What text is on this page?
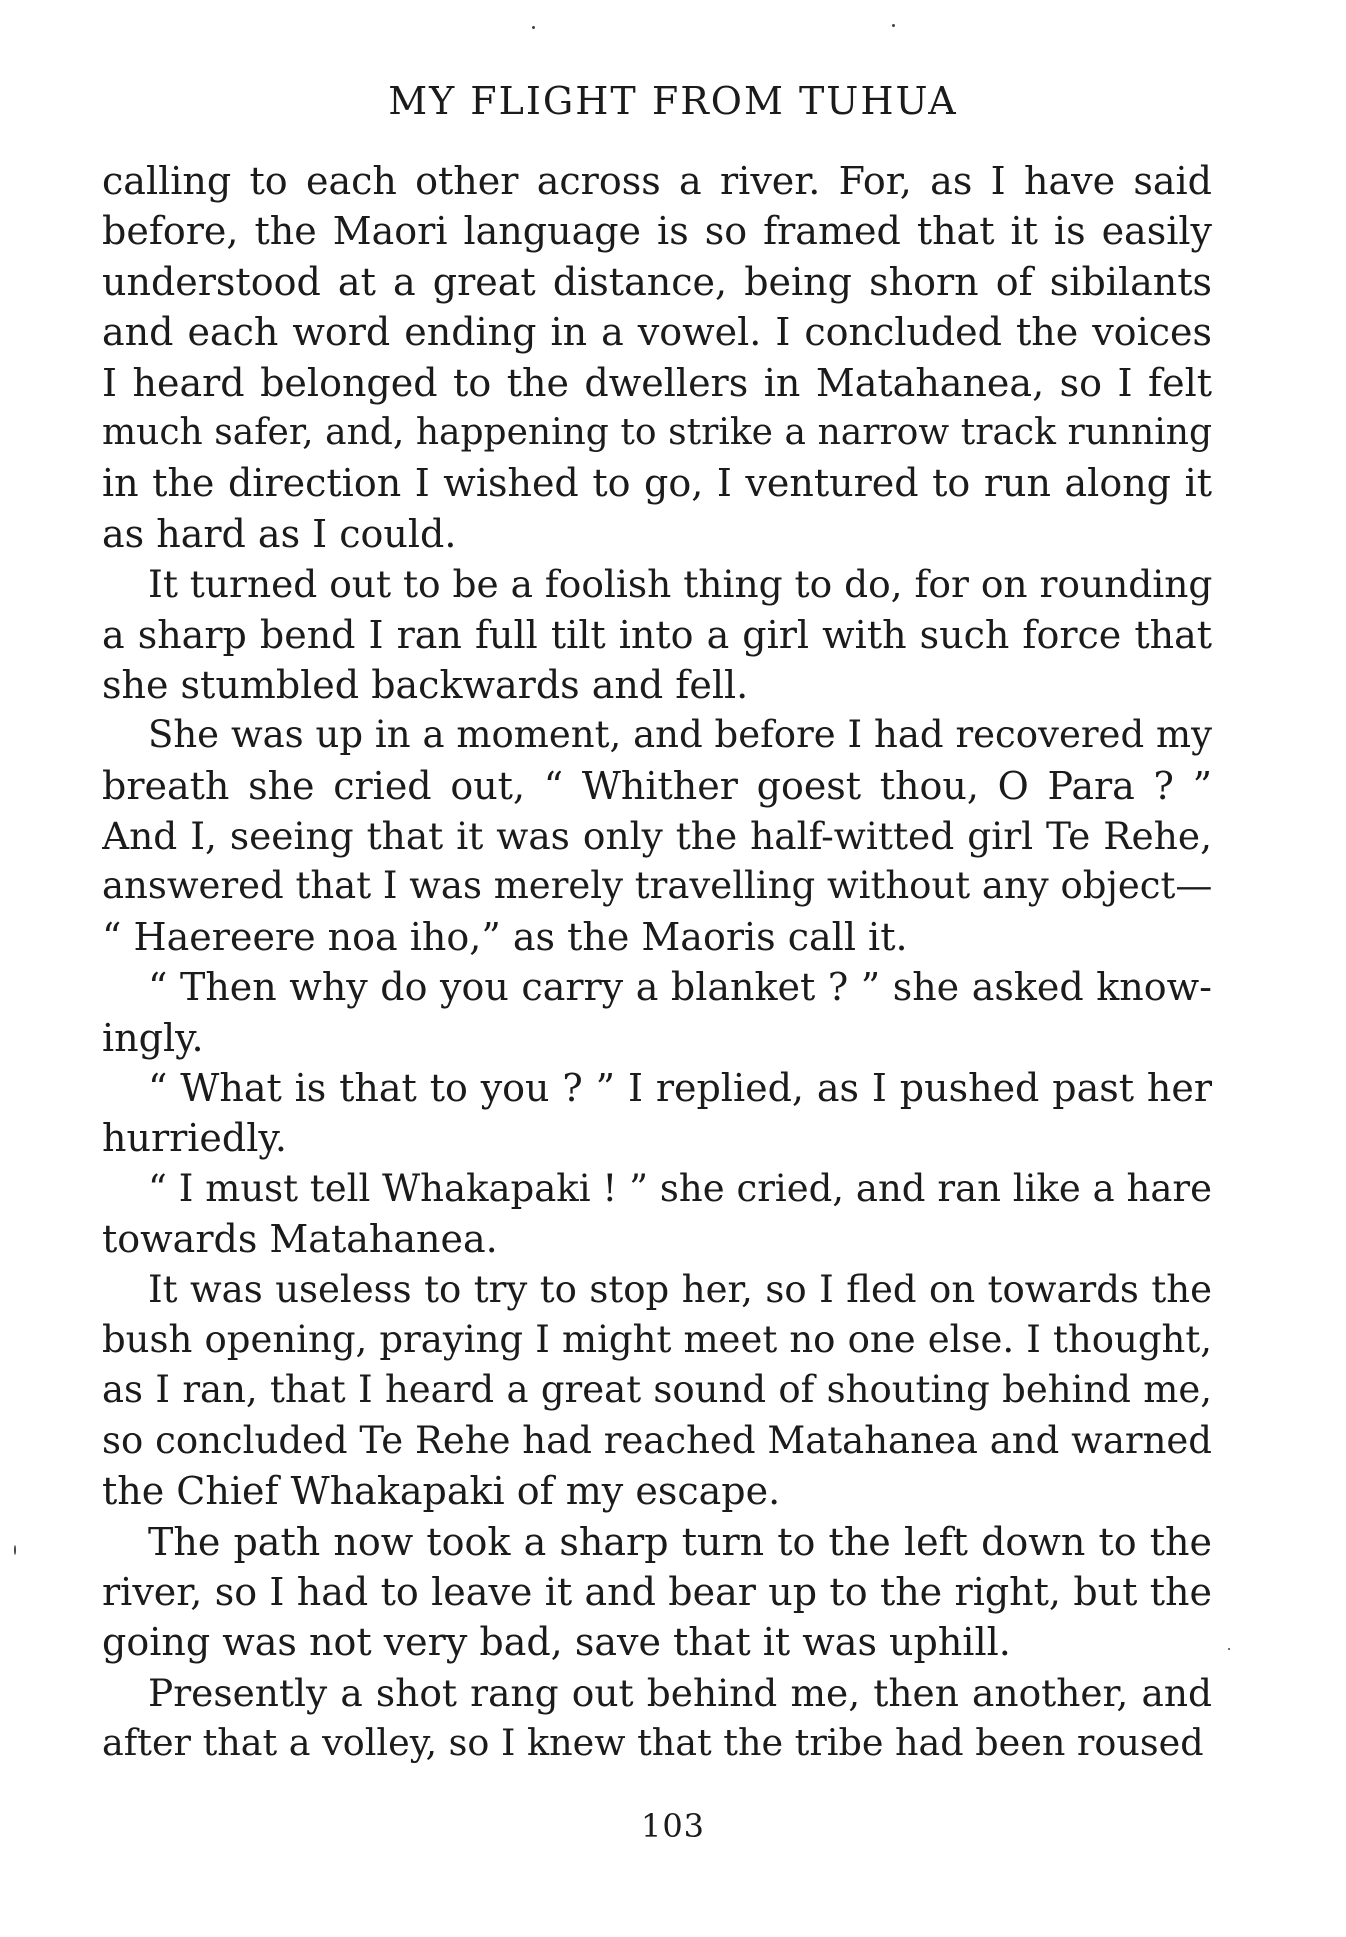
MY FLIGHT FROM TUHUA
calling to each other across a river. For, as I have said
before, the Maori language is so framed that it is easily
understood at a great distance, being shorn of sibilants
and each word ending in a vowel. I concluded the voices
I heard belonged to the dwellers in Matahanea, so I felt
much safer, and, happening to strike a narrow track running
in the direction I wished to go, I ventured to run along it
as hard as I could.
It turned out to be a foolish thing to do, for on rounding
a sharp bend I ran full tilt into a girl with such force that
she stumbled backwards and fell.
She was up in a moment, and before I had recovered my
breath she cried out, “ Whither goest thou, O Para ? ”
And I, seeing that it was only the half-witted girl Te Rehe,
answered that I was merely travelling without any object—
“ Haereere noa iho,” as the Maoris call it.
“ Then why do you carry a blanket ? ” she asked know-
ingly.
“ What is that to you ? ” I replied, as I pushed past her
hurriedly.
“ I must tell Whakapaki ! ” she cried, and ran like a hare
towards Matahanea.
It was useless to try to stop her, so I fled on towards the
bush opening, praying I might meet no one else. I thought,
as I ran, that I heard a great sound of shouting behind me,
so concluded Te Rehe had reached Matahanea and warned
the Chief Whakapaki of my escape.
The path now took a sharp turn to the left down to the
river, so I had to leave it and bear up to the right, but the
going was not very bad, save that it was uphill.
Presently a shot rang out behind me, then another, and
after that a volley, so I knew that the tribe had been roused
103
